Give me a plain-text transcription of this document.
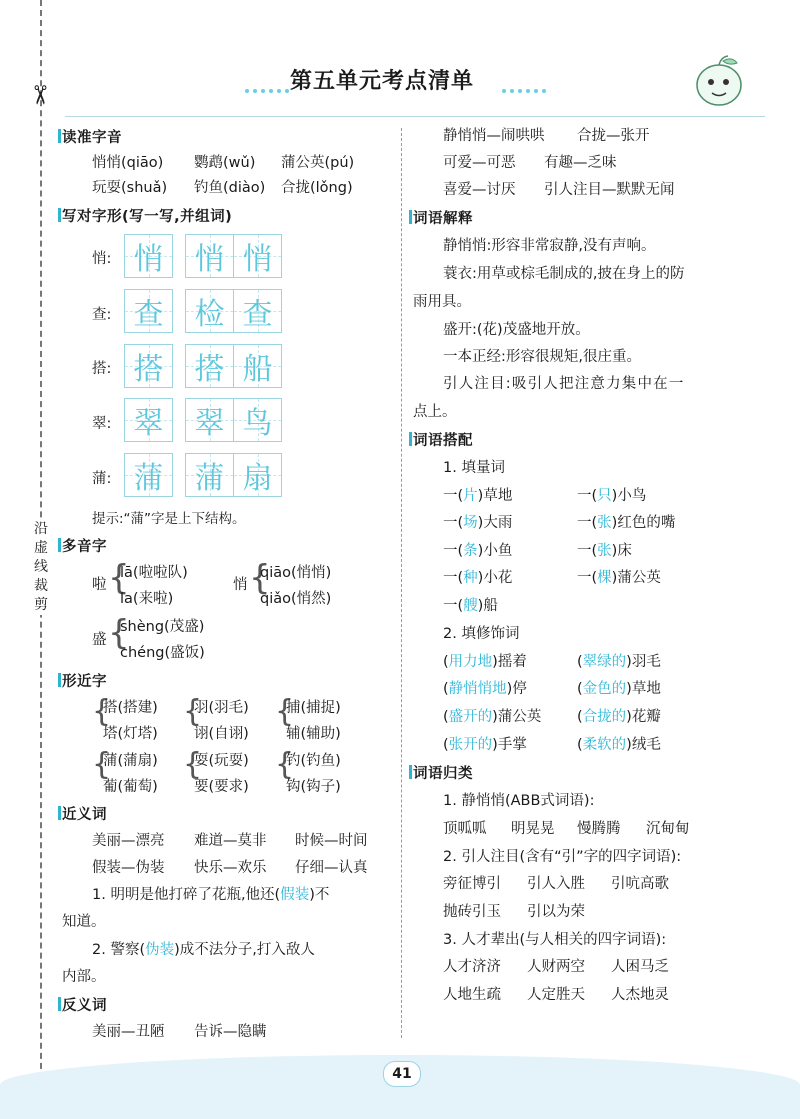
✂
沿虚线裁剪
第五单元考点清单
读准字音
悄悄(qiāo) 鹦鹉(wǔ) 蒲公英(pú)
玩耍(shuǎ) 钓鱼(diào) 合拢(lǒng)
写对字形(写一写,并组词)
悄: 悄 悄 悄
查: 查 检 查
搭: 搭 搭 船
翠: 翠 翠 鸟
蒲: 蒲 蒲 扇
提示:“蒲”字是上下结构。
多音字
啦 {
lā(啦啦队)
la(来啦)
悄 {
qiāo(悄悄)
qiǎo(悄然)
盛 {
shèng(茂盛)
chéng(盛饭)
形近字
{
搭(搭建)
塔(灯塔)
{
羽(羽毛)
诩(自诩)
{
捕(捕捉)
辅(辅助)
{
蒲(蒲扇)
葡(葡萄)
{
耍(玩耍)
要(要求)
{
钓(钓鱼)
钩(钩子)
近义词
美丽—漂亮 难道—莫非 时候—时间
假装—伪装 快乐—欢乐 仔细—认真
1. 明明是他打碎了花瓶,他还(假装)不
知道。
2. 警察(伪装)成不法分子,打入敌人
内部。
反义词
美丽—丑陋 告诉—隐瞒
静悄悄—闹哄哄 合拢—张开
可爱—可恶 有趣—乏味
喜爱—讨厌 引人注目—默默无闻
词语解释
静悄悄:形容非常寂静,没有声响。
蓑衣:用草或棕毛制成的,披在身上的防
雨用具。
盛开:(花)茂盛地开放。
一本正经:形容很规矩,很庄重。
引人注目:吸引人把注意力集中在一
点上。
词语搭配
1. 填量词
一(片)草地	一(只)小鸟
一(场)大雨	一(张)红色的嘴
一(条)小鱼	一(张)床
一(种)小花	一(棵)蒲公英
一(艘)船
2. 填修饰词
(用力地)摇着	(翠绿的)羽毛
(静悄悄地)停	(金色的)草地
(盛开的)蒲公英 (合拢的)花瓣
(张开的)手掌	(柔软的)绒毛
词语归类
1. 静悄悄(ABB式词语):
顶呱呱 明晃晃 慢腾腾 沉甸甸
2. 引人注目(含有“引”字的四字词语):
旁征博引 引人入胜 引吭高歌
抛砖引玉 引以为荣
3. 人才辈出(与人相关的四字词语):
人才济济 人财两空 人困马乏
人地生疏 人定胜天 人杰地灵
41
